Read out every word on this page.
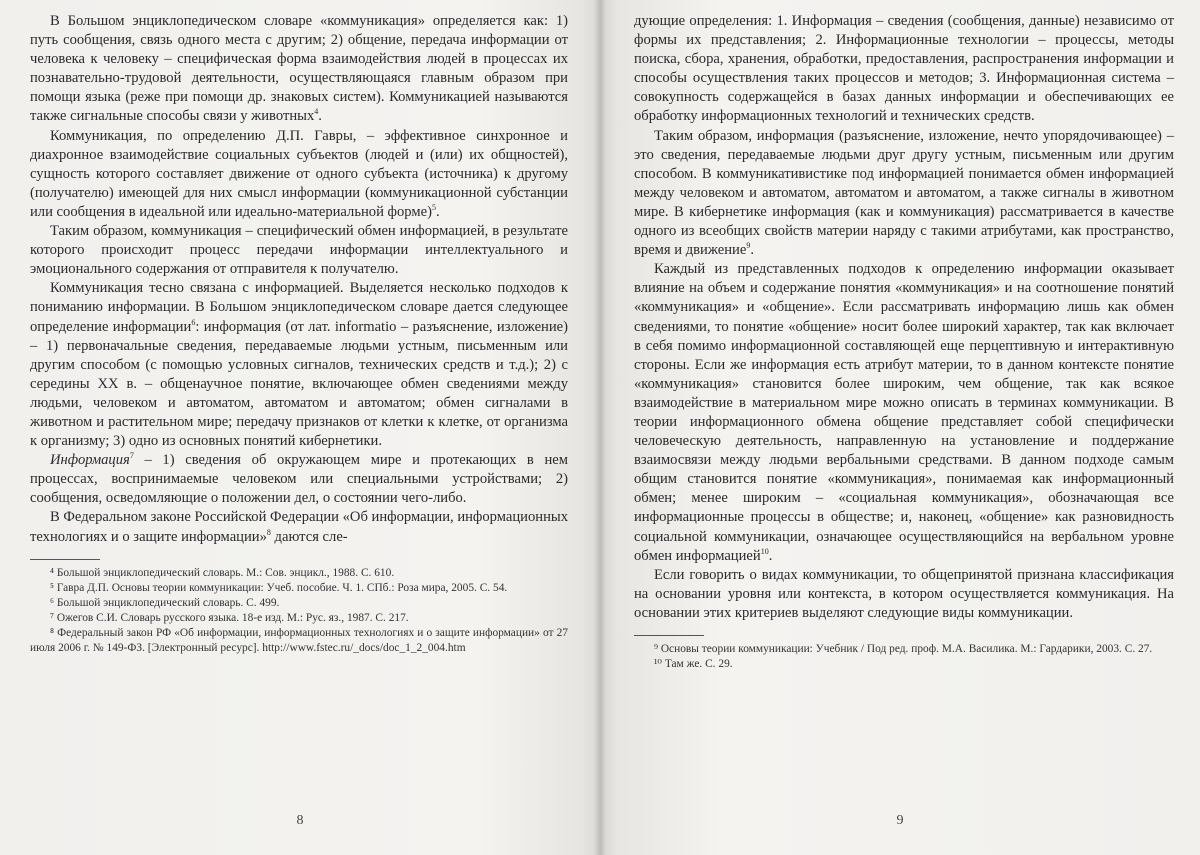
В Большом энциклопедическом словаре «коммуникация» определяется как: 1) путь сообщения, связь одного места с другим; 2) общение, передача информации от человека к человеку – специфическая форма взаимодействия людей в процессах их познавательно-трудовой деятельности, осуществляющаяся главным образом при помощи языка (реже при помощи др. знаковых систем). Коммуникацией называются также сигнальные способы связи у животных$^4$.

Коммуникация, по определению Д.П. Гавры, – эффективное синхронное и диахронное взаимодействие социальных субъектов (людей и (или) их общностей), сущность которого составляет движение от одного субъекта (источника) к другому (получателю) имеющей для них смысл информации (коммуникационной субстанции или сообщения в идеальной или идеально-материальной форме)$^5$.

Таким образом, коммуникация – специфический обмен информацией, в результате которого происходит процесс передачи информации интеллектуального и эмоционального содержания от отправителя к получателю.

Коммуникация тесно связана с информацией. Выделяется несколько подходов к пониманию информации. В Большом энциклопедическом словаре дается следующее определение информации$^6$: информация (от лат. informatio – разъяснение, изложение) – 1) первоначальные сведения, передаваемые людьми устным, письменным или другим способом (с помощью условных сигналов, технических средств и т.д.); 2) с середины XX в. – общенаучное понятие, включающее обмен сведениями между людьми, человеком и автоматом, автоматом и автоматом; обмен сигналами в животном и растительном мире; передачу признаков от клетки к клетке, от организма к организму; 3) одно из основных понятий кибернетики.

Информация$^7$ – 1) сведения об окружающем мире и протекающих в нем процессах, воспринимаемые человеком или специальными устройствами; 2) сообщения, осведомляющие о положении дел, о состоянии чего-либо.

В Федеральном законе Российской Федерации «Об информации, информационных технологиях и о защите информации»$^8$ даются сле-

⁴ Большой энциклопедический словарь. М.: Сов. энцикл., 1988. С. 610.

⁵ Гавра Д.П. Основы теории коммуникации: Учеб. пособие. Ч. 1. СПб.: Роза мира, 2005. С. 54.

⁶ Большой энциклопедический словарь. С. 499.

⁷ Ожегов С.И. Словарь русского языка. 18-е изд. М.: Рус. яз., 1987. С. 217.

⁸ Федеральный закон РФ «Об информации, информационных технологиях и о защите информации» от 27 июля 2006 г. № 149-ФЗ. [Электронный ресурс]. http://www.fstec.ru/_docs/doc_1_2_004.htm

8

дующие определения: 1. Информация – сведения (сообщения, данные) независимо от формы их представления; 2. Информационные технологии – процессы, методы поиска, сбора, хранения, обработки, предоставления, распространения информации и способы осуществления таких процессов и методов; 3. Информационная система – совокупность содержащейся в базах данных информации и обеспечивающих ее обработку информационных технологий и технических средств.

Таким образом, информация (разъяснение, изложение, нечто упорядочивающее) – это сведения, передаваемые людьми друг другу устным, письменным или другим способом. В коммуникативистике под информацией понимается обмен информацией между человеком и автоматом, автоматом и автоматом, а также сигналы в животном мире. В кибернетике информация (как и коммуникация) рассматривается в качестве одного из всеобщих свойств материи наряду с такими атрибутами, как пространство, время и движение$^9$.

Каждый из представленных подходов к определению информации оказывает влияние на объем и содержание понятия «коммуникация» и на соотношение понятий «коммуникация» и «общение». Если рассматривать информацию лишь как обмен сведениями, то понятие «общение» носит более широкий характер, так как включает в себя помимо информационной составляющей еще перцептивную и интерактивную стороны. Если же информация есть атрибут материи, то в данном контексте понятие «коммуникация» становится более широким, чем общение, так как всякое взаимодействие в материальном мире можно описать в терминах коммуникации. В теории информационного обмена общение представляет собой специфически человеческую деятельность, направленную на установление и поддержание взаимосвязи между людьми вербальными средствами. В данном подходе самым общим становится понятие «коммуникация», понимаемая как информационный обмен; менее широким – «социальная коммуникация», обозначающая все информационные процессы в обществе; и, наконец, «общение» как разновидность социальной коммуникации, означающее осуществляющийся на вербальном уровне обмен информацией$^{10}$.

Если говорить о видах коммуникации, то общепринятой признана классификация на основании уровня или контекста, в котором осуществляется коммуникация. На основании этих критериев выделяют следующие виды коммуникации.

⁹ Основы теории коммуникации: Учебник / Под ред. проф. М.А. Василика. М.: Гардарики, 2003. С. 27.

¹⁰ Там же. С. 29.

9
